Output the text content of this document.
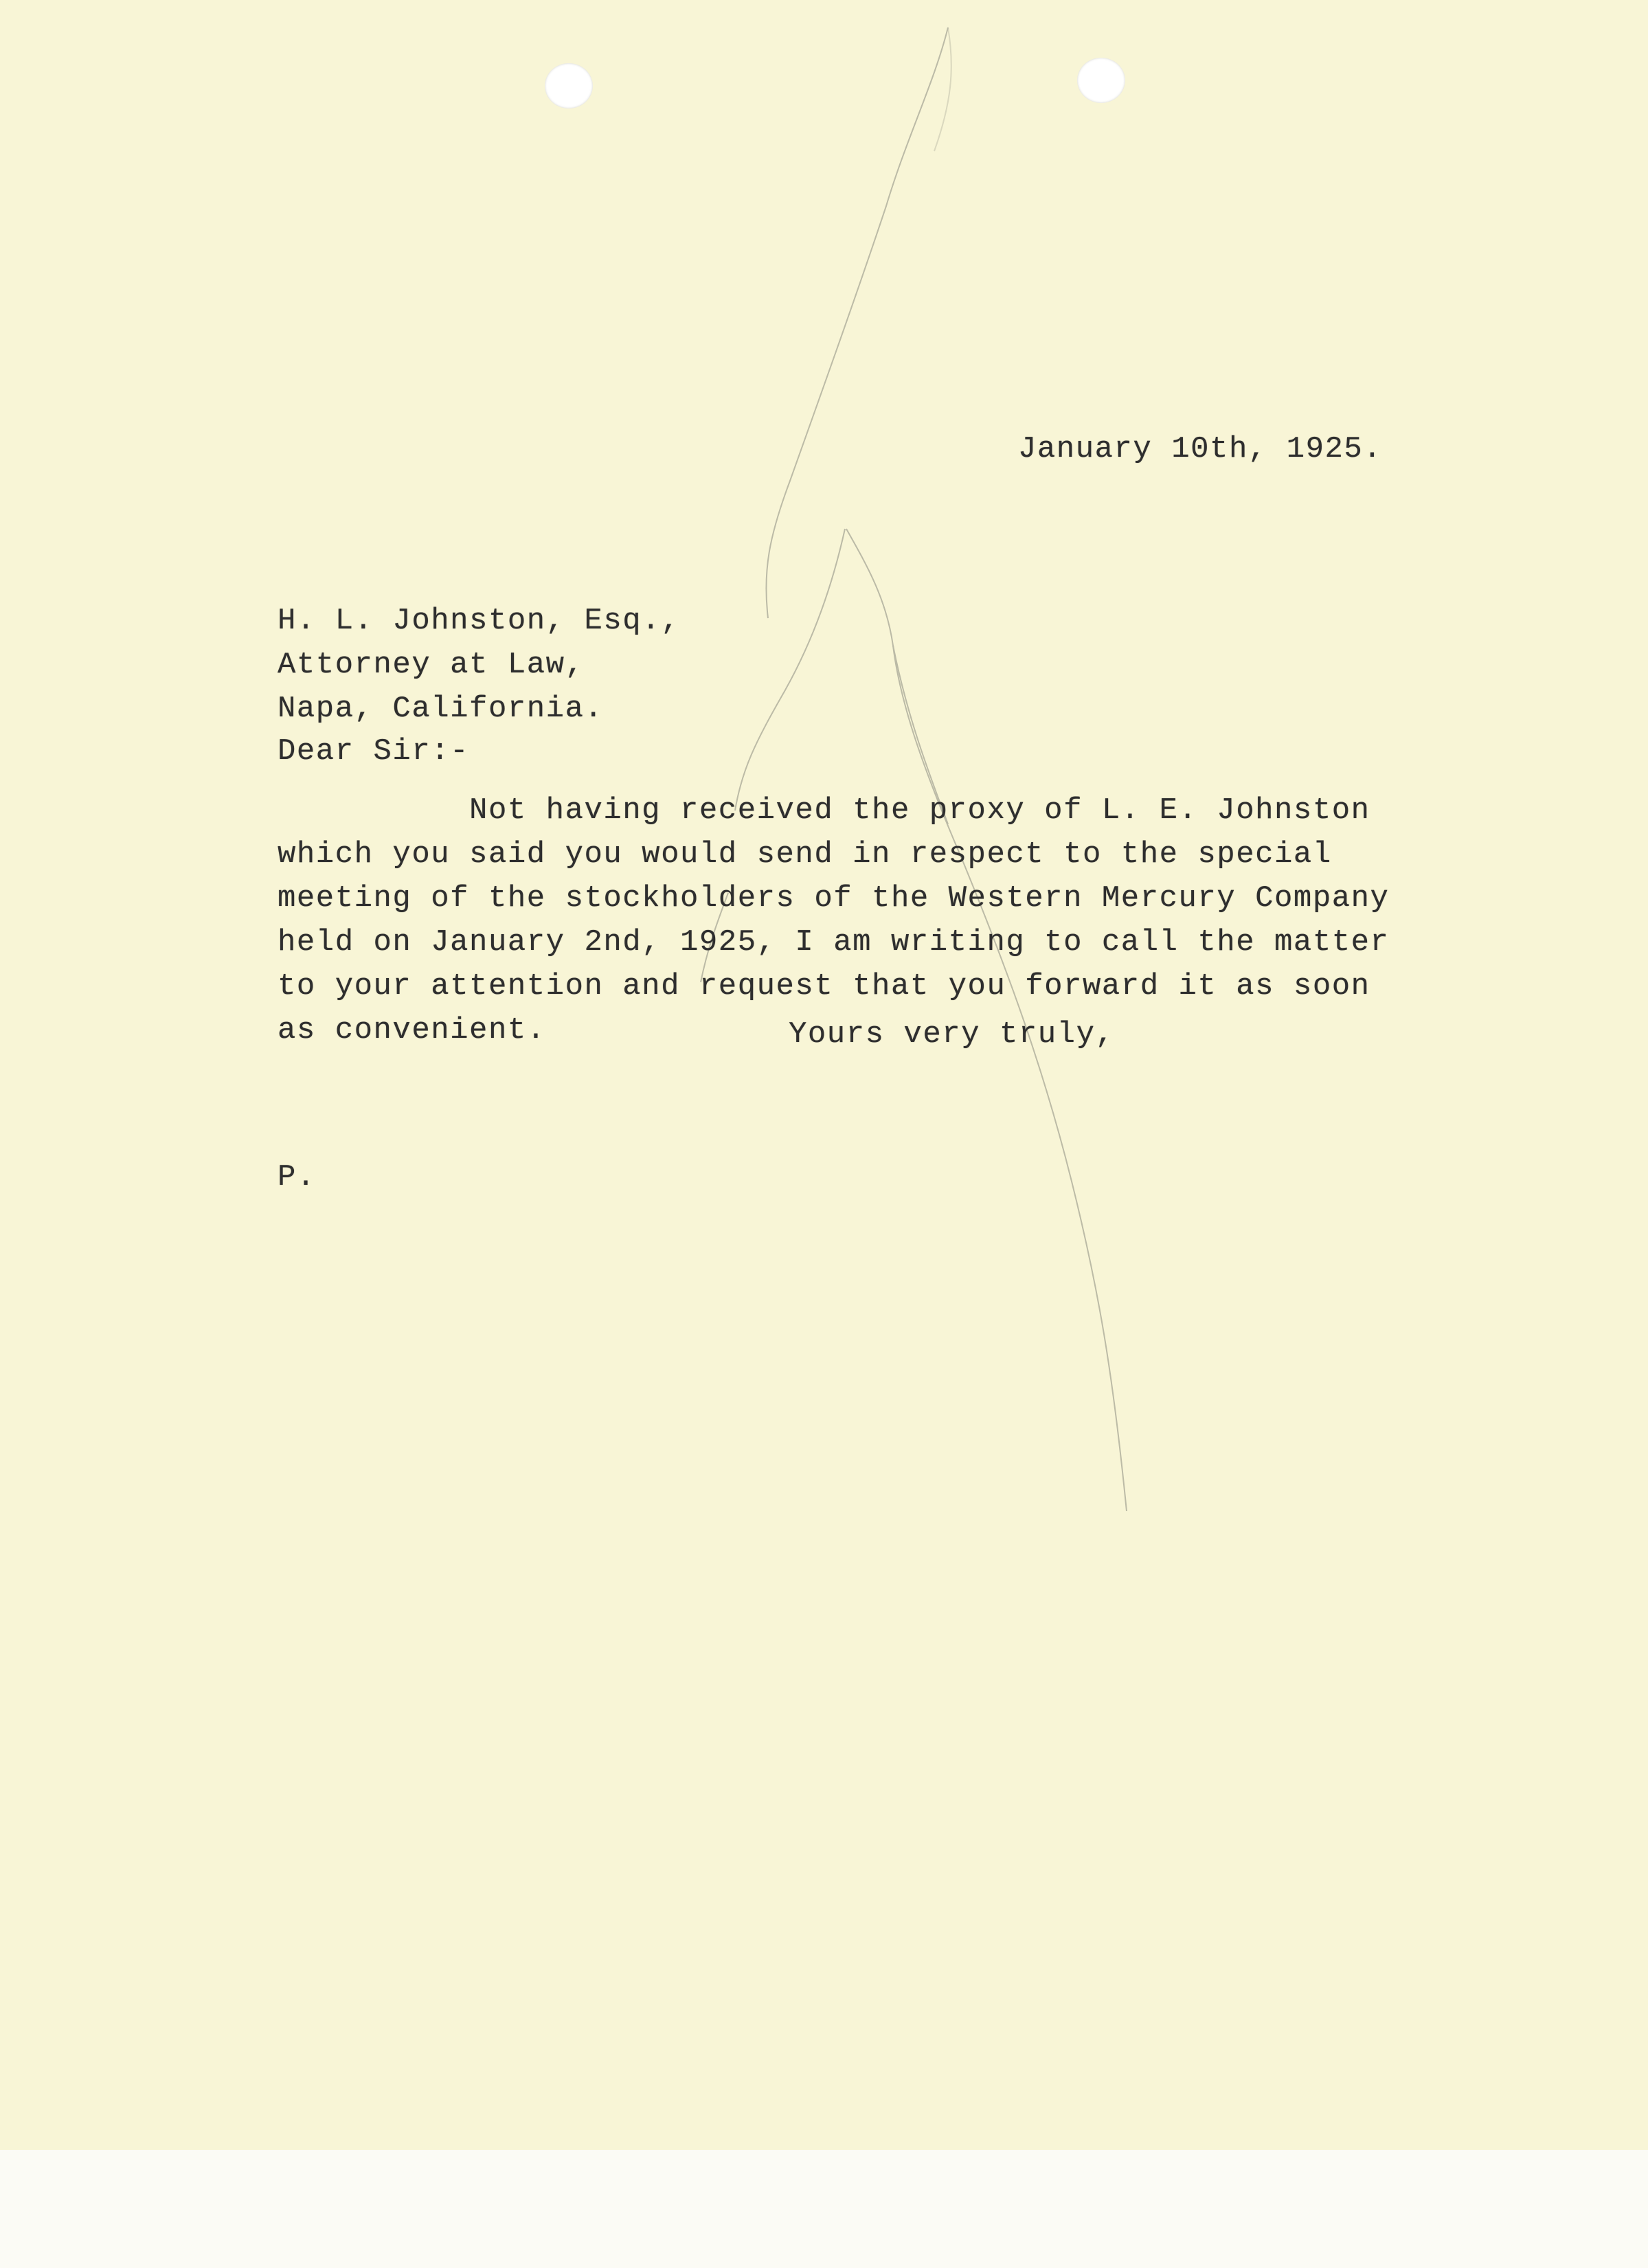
January 10th, 1925.
H. L. Johnston, Esq.,
Attorney at Law,
Napa, California.
Dear Sir:-
Not having received the proxy of L. E. Johnston
which you said you would send in respect to the special
meeting of the stockholders of the Western Mercury Company
held on January 2nd, 1925, I am writing to call the matter
to your attention and request that you forward it as soon
as convenient.	Yours very truly,
P.
